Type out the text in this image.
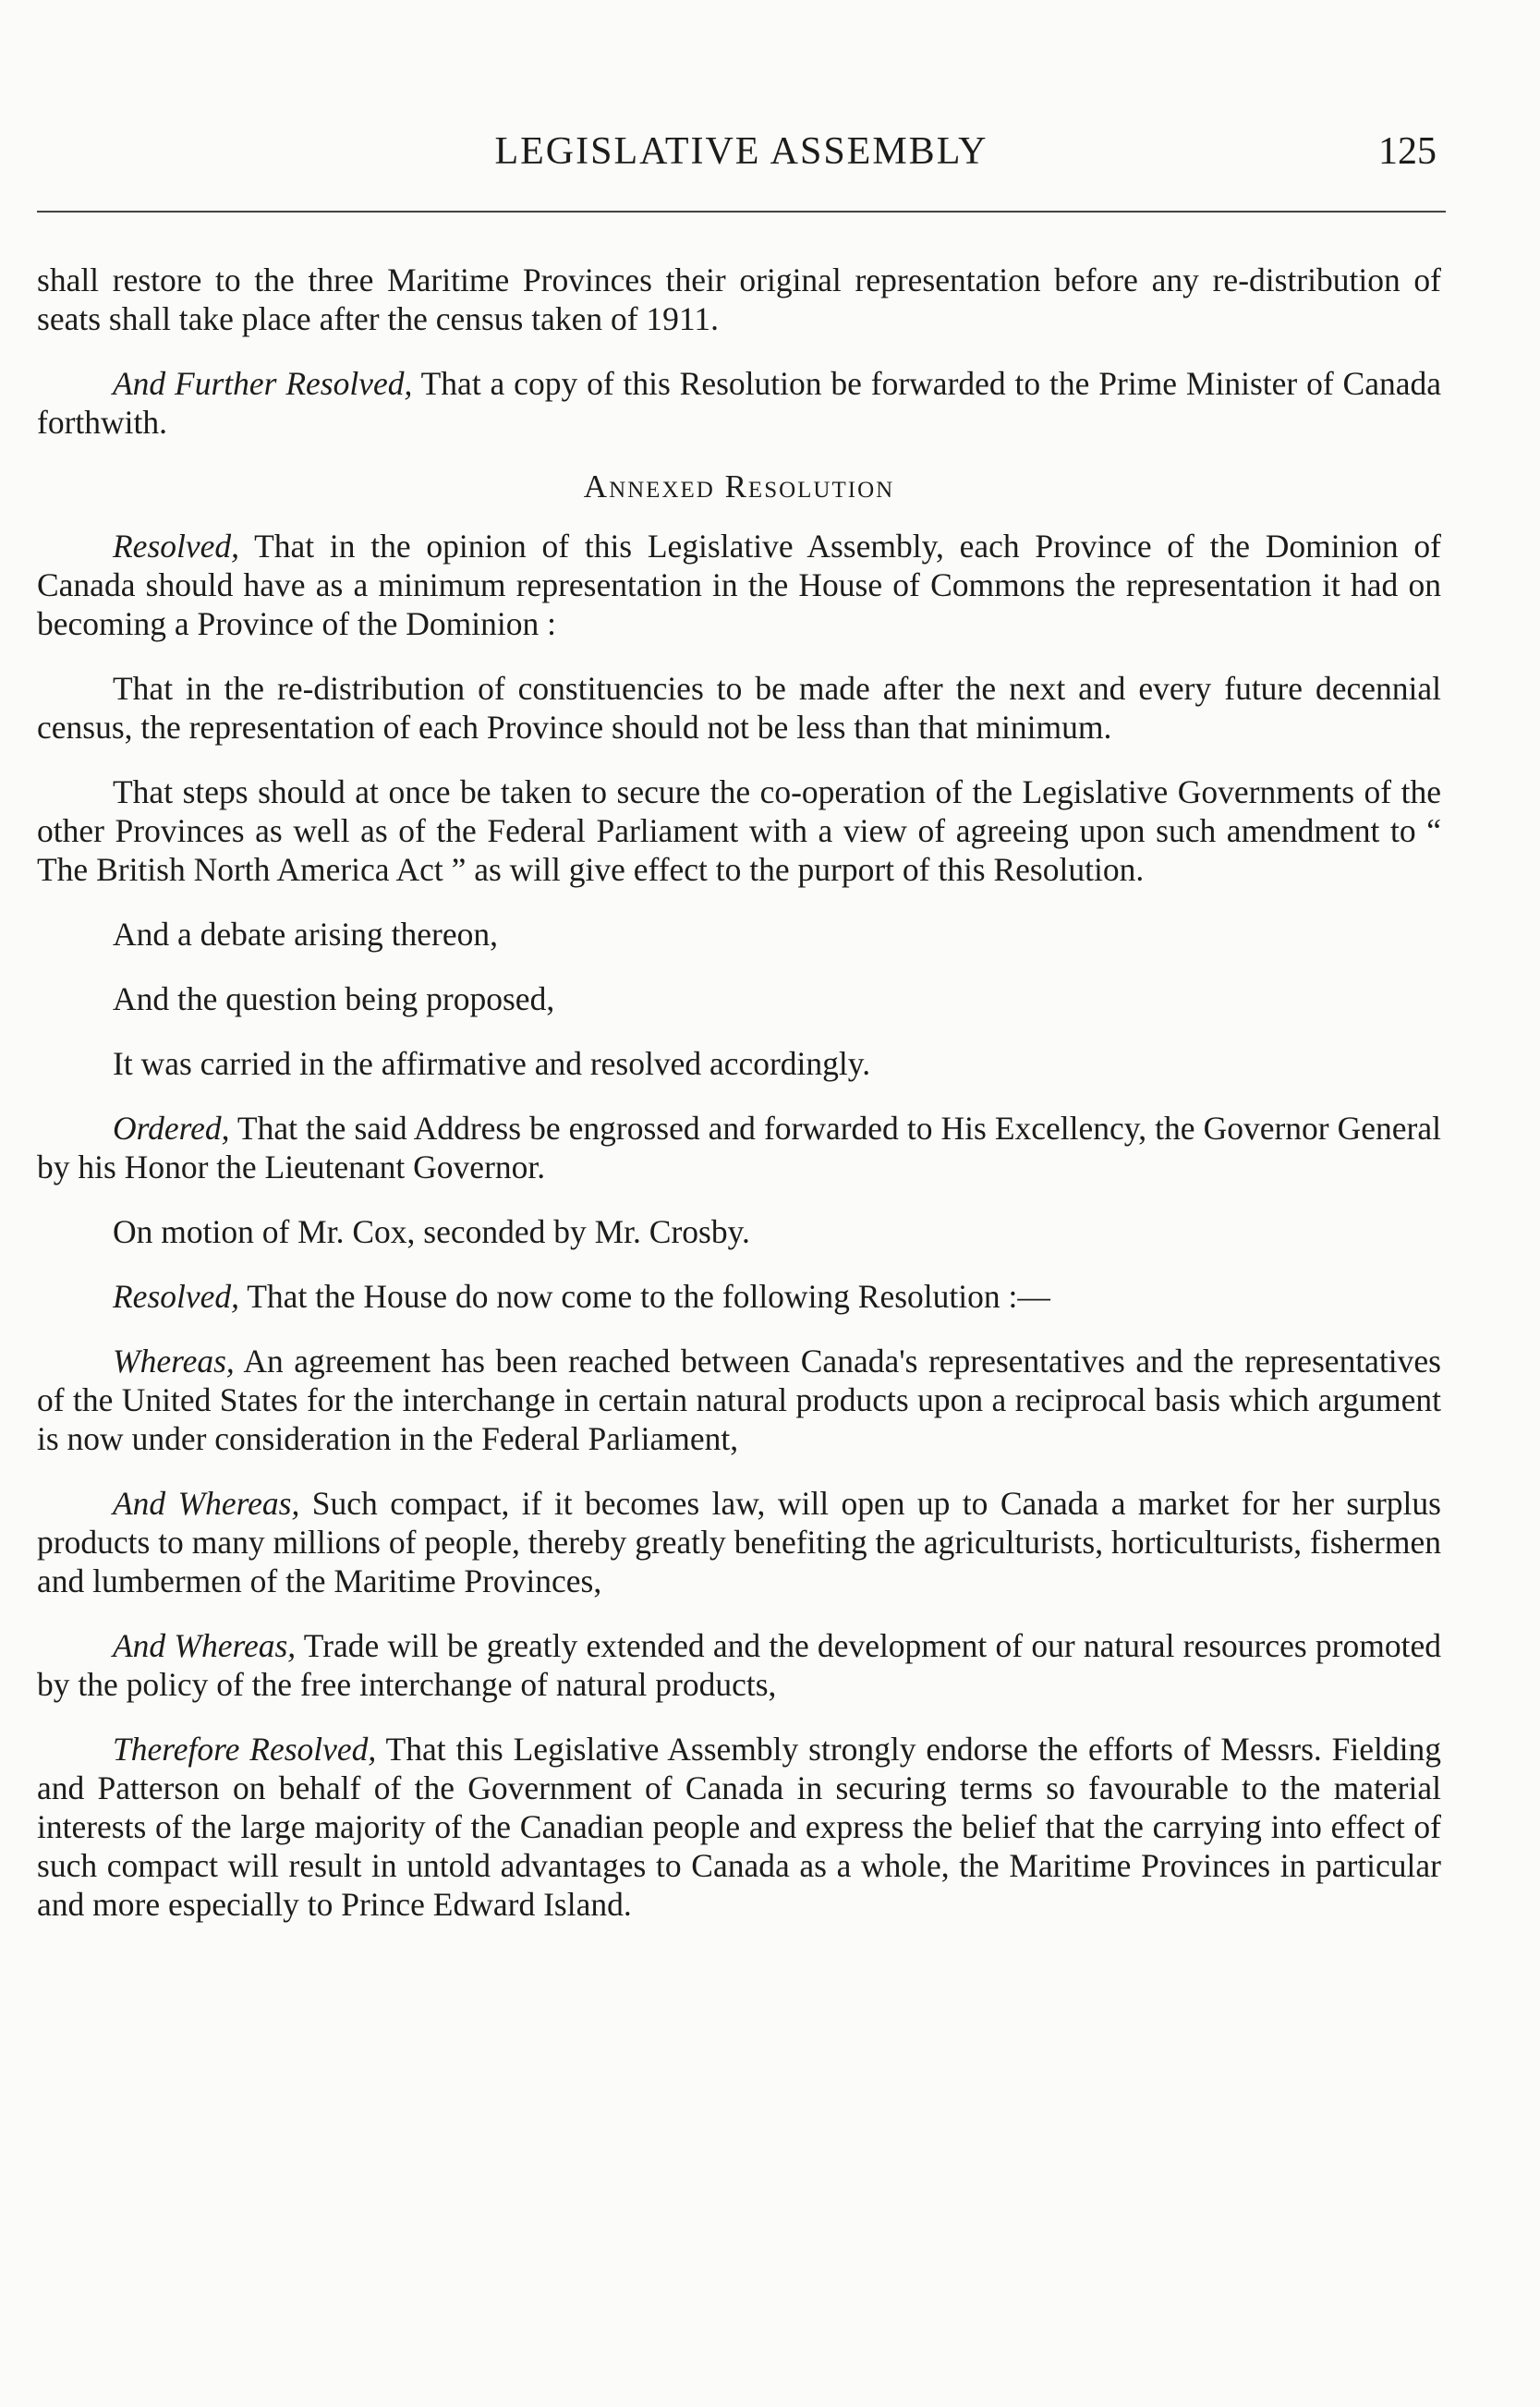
LEGISLATIVE ASSEMBLY	125

shall restore to the three Maritime Provinces their original representation before any re-distribution of seats shall take place after the census taken of 1911.

And Further Resolved, That a copy of this Resolution be forwarded to the Prime Minister of Canada forthwith.

Annexed Resolution

Resolved, That in the opinion of this Legislative Assembly, each Province of the Dominion of Canada should have as a minimum representation in the House of Commons the representation it had on becoming a Province of the Dominion :

That in the re-distribution of constituencies to be made after the next and every future decennial census, the representation of each Province should not be less than that minimum.

That steps should at once be taken to secure the co-operation of the Legislative Governments of the other Provinces as well as of the Federal Parliament with a view of agreeing upon such amendment to “ The British North America Act ” as will give effect to the purport of this Resolution.

And a debate arising thereon,

And the question being proposed,

It was carried in the affirmative and resolved accordingly.

Ordered, That the said Address be engrossed and forwarded to His Excellency, the Governor General by his Honor the Lieutenant Governor.

On motion of Mr. Cox, seconded by Mr. Crosby.

Resolved, That the House do now come to the following Resolution :—

Whereas, An agreement has been reached between Canada's representatives and the representatives of the United States for the interchange in certain natural products upon a reciprocal basis which argument is now under consideration in the Federal Parliament,

And Whereas, Such compact, if it becomes law, will open up to Canada a market for her surplus products to many millions of people, thereby greatly benefiting the agriculturists, horticulturists, fishermen and lumbermen of the Maritime Provinces,

And Whereas, Trade will be greatly extended and the development of our natural resources promoted by the policy of the free interchange of natural products,

Therefore Resolved, That this Legislative Assembly strongly endorse the efforts of Messrs. Fielding and Patterson on behalf of the Government of Canada in securing terms so favourable to the material interests of the large majority of the Canadian people and express the belief that the carrying into effect of such compact will result in untold advantages to Canada as a whole, the Maritime Provinces in particular and more especially to Prince Edward Island.
